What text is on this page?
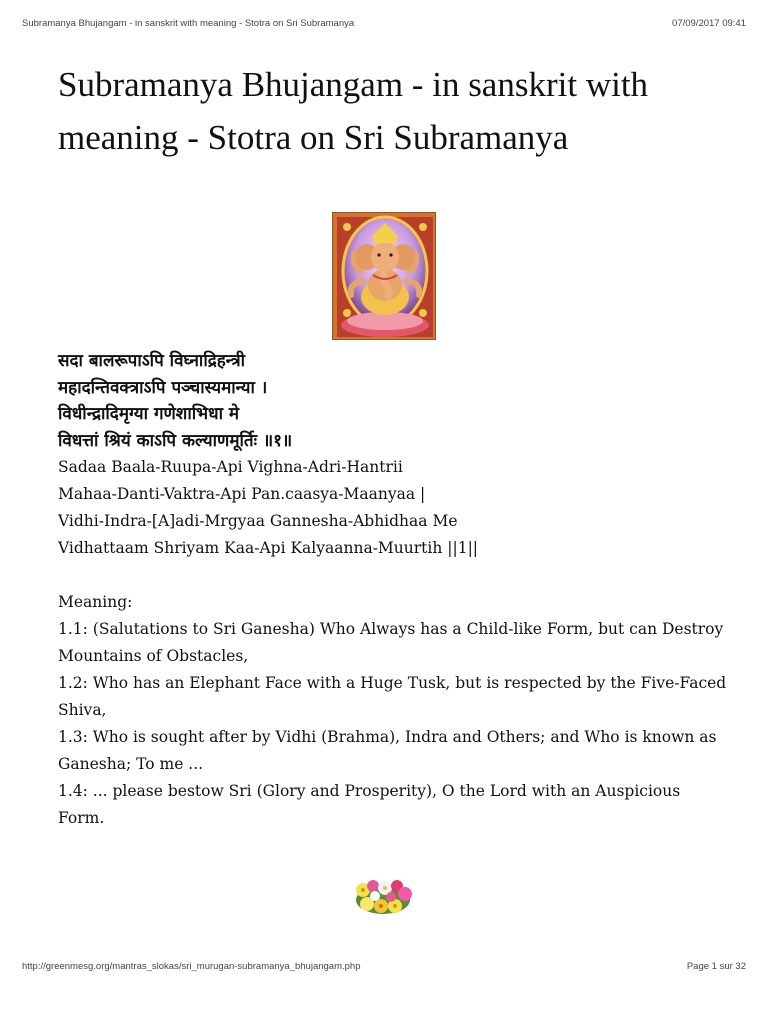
Subramanya Bhujangam - in sanskrit with meaning - Stotra on Sri Subramanya	07/09/2017 09:41
Subramanya Bhujangam - in sanskrit with meaning - Stotra on Sri Subramanya
सदा बालरूपाऽपि विघ्नाद्रिहन्त्री
महादन्तिवक्त्राऽपि पञ्चास्यमान्या ।
विधीन्द्रादिमृग्या गणेशाभिधा मे
विधत्तां श्रियं काऽपि कल्याणमूर्तिः ॥१॥
Sadaa Baala-Ruupa-Api Vighna-Adri-Hantrii
Mahaa-Danti-Vaktra-Api Pan.caasya-Maanyaa |
Vidhi-Indra-[A]adi-Mrgyaa Gannesha-Abhidhaa Me
Vidhattaam Shriyam Kaa-Api Kalyaanna-Muurtih ||1||
Meaning:
1.1: (Salutations to Sri Ganesha) Who Always has a Child-like Form, but can Destroy Mountains of Obstacles,
1.2: Who has an Elephant Face with a Huge Tusk, but is respected by the Five-Faced Shiva,
1.3: Who is sought after by Vidhi (Brahma), Indra and Others; and Who is known as Ganesha; To me ...
1.4: ... please bestow Sri (Glory and Prosperity), O the Lord with an Auspicious Form.
http://greenmesg.org/mantras_slokas/sri_murugan-subramanya_bhujangam.php	Page 1 sur 32
